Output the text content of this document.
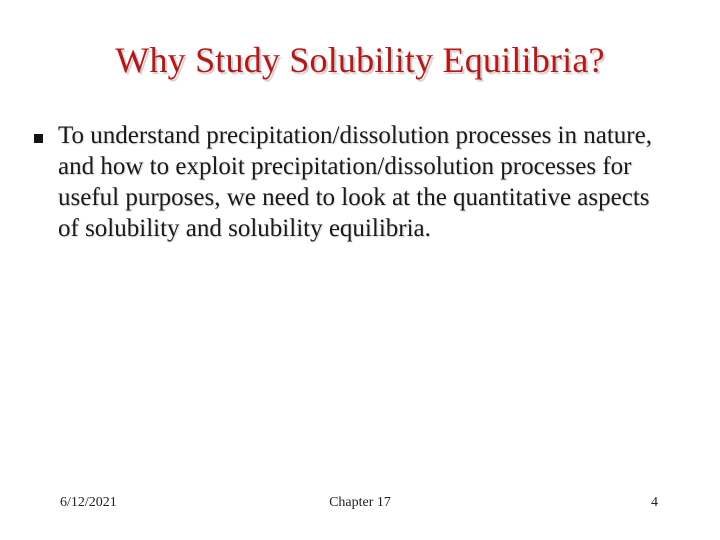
Why Study Solubility Equilibria?
To understand precipitation/dissolution processes in nature, and how to exploit precipitation/dissolution processes for useful purposes, we need to look at the quantitative aspects of solubility and solubility equilibria.
6/12/2021	Chapter 17	4
